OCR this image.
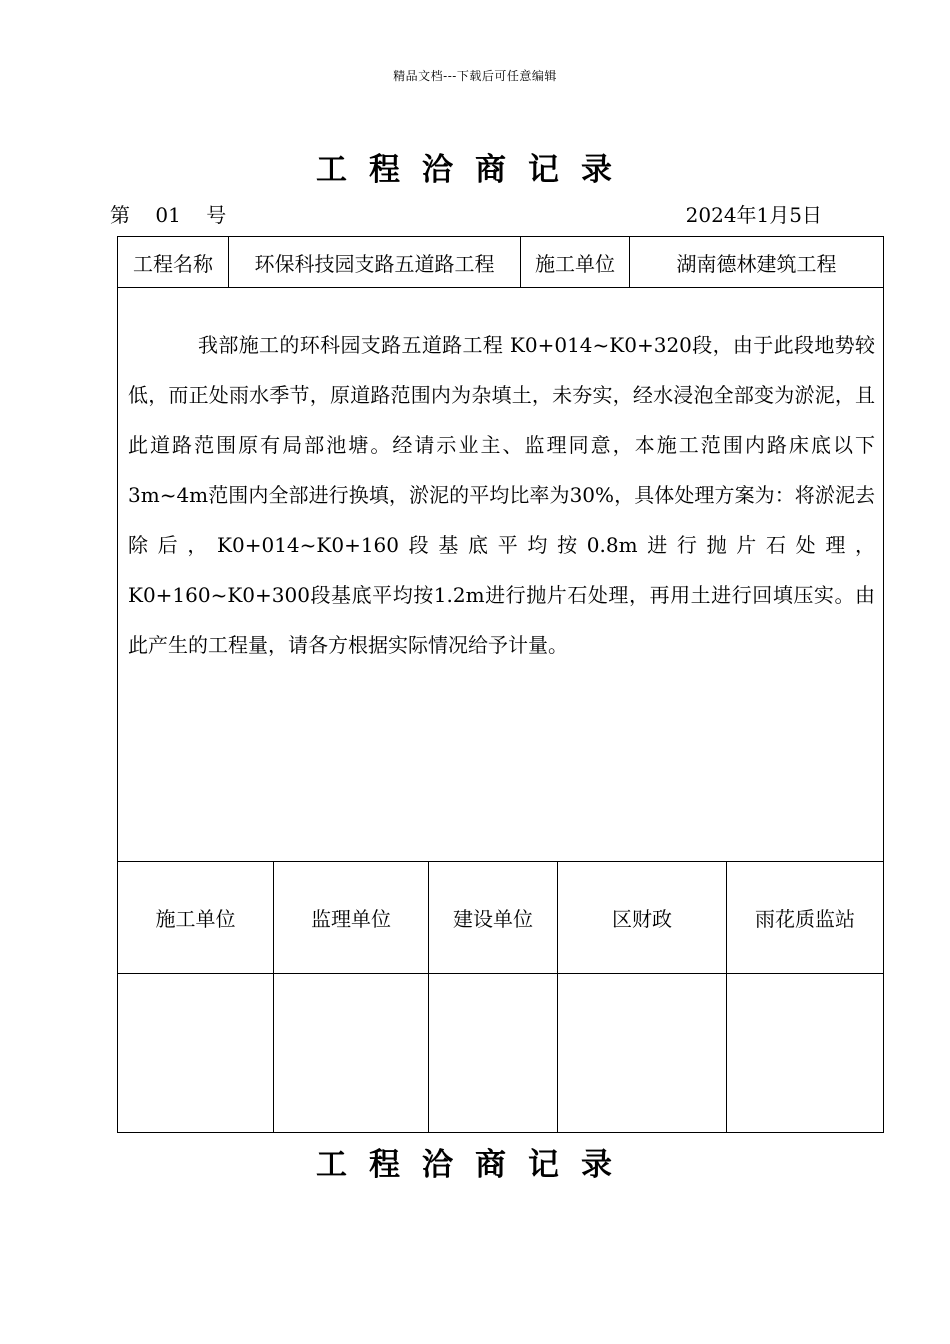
精品文档---下载后可任意编辑
工程洽商记录
第    01    号	2024年1月5日
工程名称 环保科技园支路五道路工程 施工单位 湖南德林建筑工程				

我部施工的环科园支路五道路工程 K0+014~K0+320段，由于此段地势较低，而正处雨水季节，原道路范围内为杂填土，未夯实，经水浸泡全部变为淤泥，且此道路范围原有局部池塘。经请示业主、监理同意，本施工范围内路床底以下3m~4m范围内全部进行换填，淤泥的平均比率为30%，具体处理方案为：将淤泥去除后，K0+014~K0+160段基底平均按0.8m进行抛片石处理，K0+160~K0+300段基底平均按1.2m进行抛片石处理，再用土进行回填压实。由此产生的工程量，请各方根据实际情况给予计量。				

施工单位	监理单位	建设单位	区财政	雨花质监站

工程洽商记录
